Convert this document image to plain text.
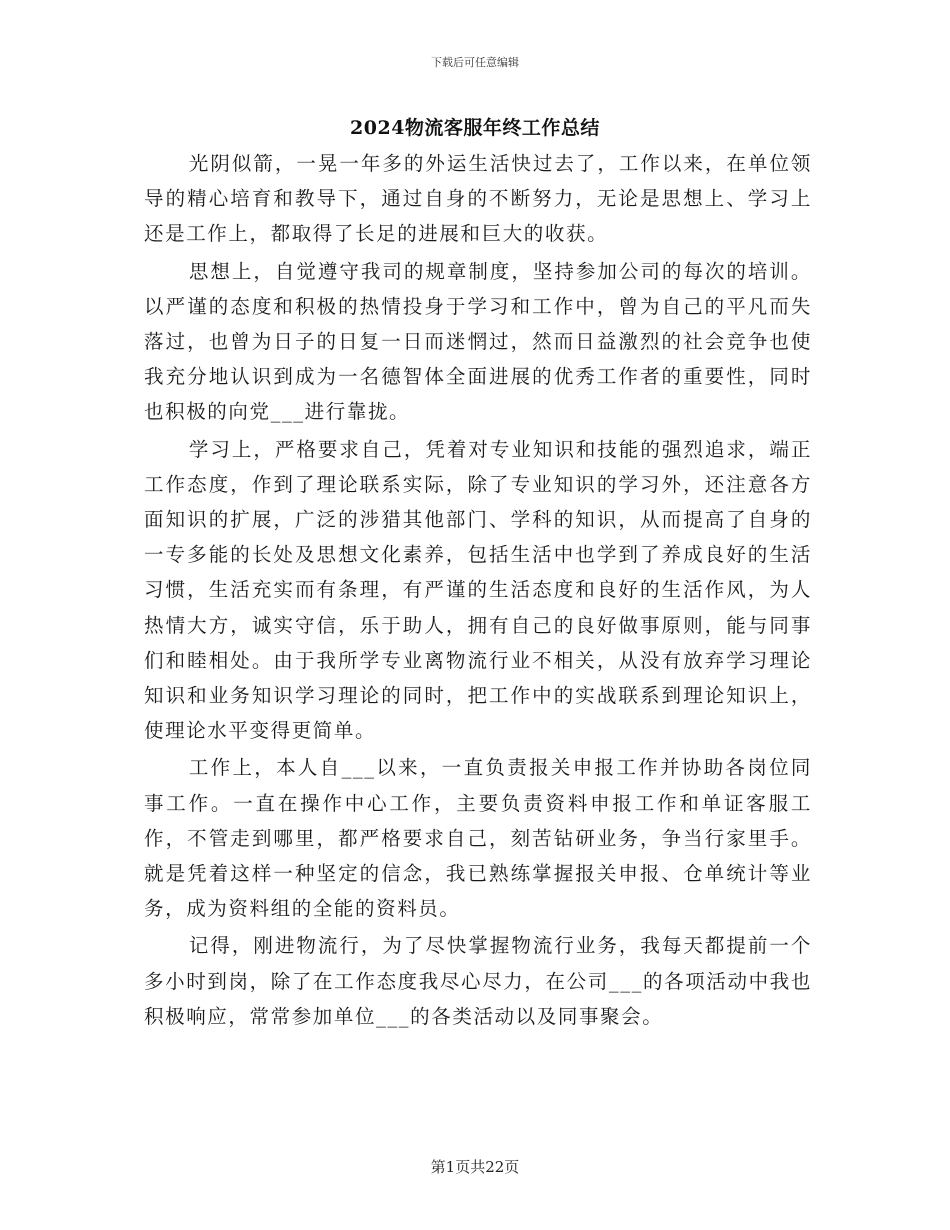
下载后可任意编辑
2024物流客服年终工作总结

光阴似箭，一晃一年多的外运生活快过去了，工作以来，在单位领导的精心培育和教导下，通过自身的不断努力，无论是思想上、学习上还是工作上，都取得了长足的进展和巨大的收获。

思想上，自觉遵守我司的规章制度，坚持参加公司的每次的培训。以严谨的态度和积极的热情投身于学习和工作中，曾为自己的平凡而失落过，也曾为日子的日复一日而迷惘过，然而日益激烈的社会竞争也使我充分地认识到成为一名德智体全面进展的优秀工作者的重要性，同时也积极的向党___进行靠拢。

学习上，严格要求自己，凭着对专业知识和技能的强烈追求，端正工作态度，作到了理论联系实际，除了专业知识的学习外，还注意各方面知识的扩展，广泛的涉猎其他部门、学科的知识，从而提高了自身的一专多能的长处及思想文化素养，包括生活中也学到了养成良好的生活习惯，生活充实而有条理，有严谨的生活态度和良好的生活作风，为人热情大方，诚实守信，乐于助人，拥有自己的良好做事原则，能与同事们和睦相处。由于我所学专业离物流行业不相关，从没有放弃学习理论知识和业务知识学习理论的同时，把工作中的实战联系到理论知识上，使理论水平变得更简单。

工作上，本人自___以来，一直负责报关申报工作并协助各岗位同事工作。一直在操作中心工作，主要负责资料申报工作和单证客服工作，不管走到哪里，都严格要求自己，刻苦钻研业务，争当行家里手。就是凭着这样一种坚定的信念，我已熟练掌握报关申报、仓单统计等业务，成为资料组的全能的资料员。

记得，刚进物流行，为了尽快掌握物流行业务，我每天都提前一个多小时到岗，除了在工作态度我尽心尽力，在公司___的各项活动中我也积极响应，常常参加单位___的各类活动以及同事聚会。

第1页共22页
